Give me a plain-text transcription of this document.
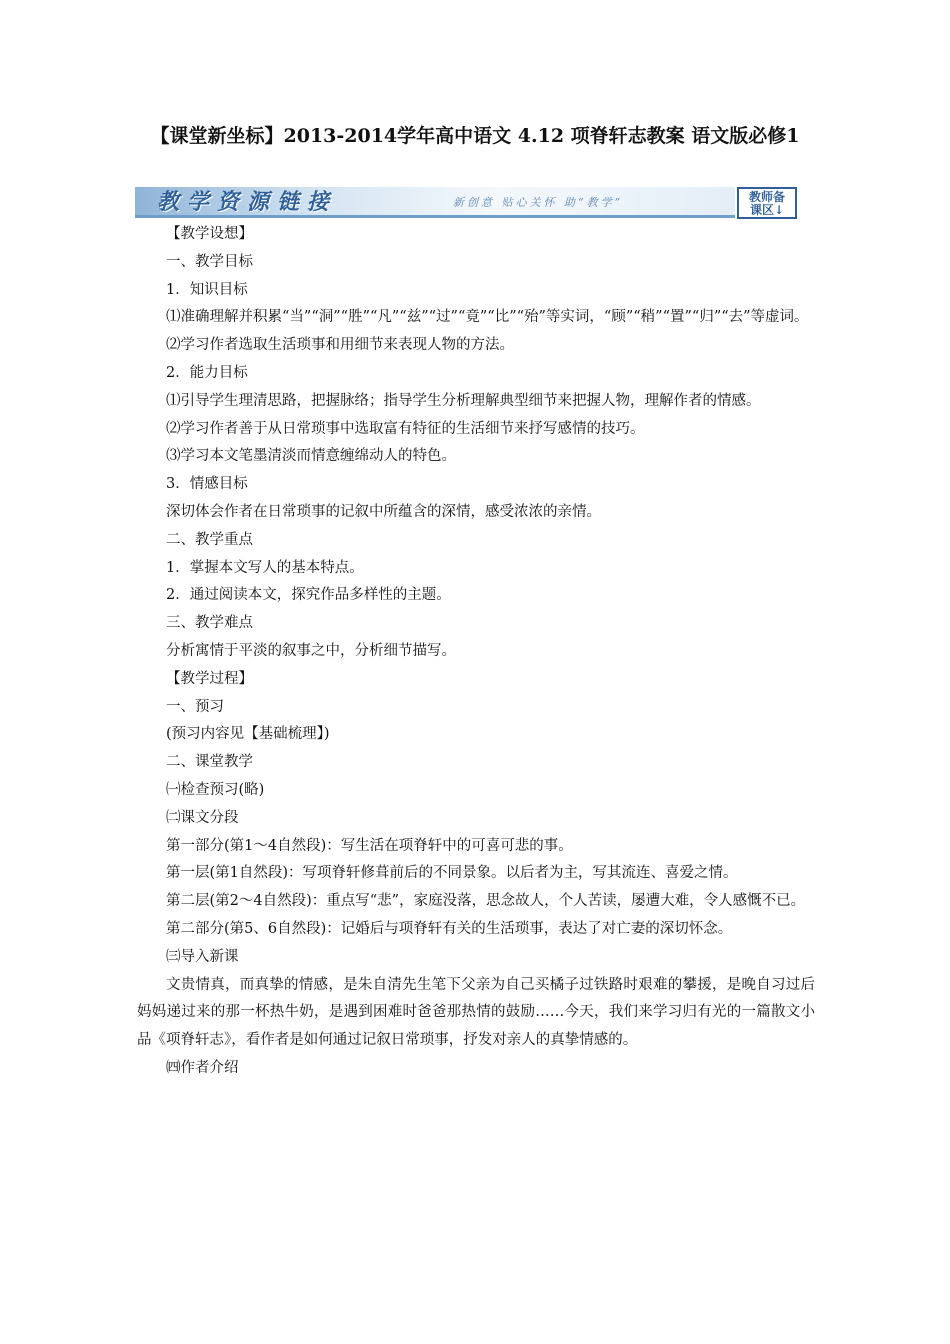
【课堂新坐标】2013-2014学年高中语文 4.12 项脊轩志教案 语文版必修1
教学资源链接	新创意 贴心关怀 助“教学”	教师备
课区↓

【教学设想】

一、教学目标

1．知识目标

⑴准确理解并积累“当”“洞”“胜”“凡”“兹”“过”“竟”“比”“殆”等实词，“顾”“稍”“置”“归”“去”等虚词。

⑵学习作者选取生活琐事和用细节来表现人物的方法。

2．能力目标

⑴引导学生理清思路，把握脉络；指导学生分析理解典型细节来把握人物，理解作者的情感。

⑵学习作者善于从日常琐事中选取富有特征的生活细节来抒写感情的技巧。

⑶学习本文笔墨清淡而情意缠绵动人的特色。

3．情感目标

深切体会作者在日常琐事的记叙中所蕴含的深情，感受浓浓的亲情。

二、教学重点

1．掌握本文写人的基本特点。

2．通过阅读本文，探究作品多样性的主题。

三、教学难点

分析寓情于平淡的叙事之中，分析细节描写。

【教学过程】

一、预习

(预习内容见【基础梳理】)

二、课堂教学

㈠检查预习(略)

㈡课文分段

第一部分(第1～4自然段)：写生活在项脊轩中的可喜可悲的事。

第一层(第1自然段)：写项脊轩修葺前后的不同景象。以后者为主，写其流连、喜爱之情。

第二层(第2～4自然段)：重点写“悲”，家庭没落，思念故人，个人苦读，屡遭大难，令人感慨不已。

第二部分(第5、6自然段)：记婚后与项脊轩有关的生活琐事，表达了对亡妻的深切怀念。

㈢导入新课

文贵情真，而真挚的情感，是朱自清先生笔下父亲为自己买橘子过铁路时艰难的攀援，是晚自习过后妈妈递过来的那一杯热牛奶，是遇到困难时爸爸那热情的鼓励……今天，我们来学习归有光的一篇散文小品《项脊轩志》，看作者是如何通过记叙日常琐事，抒发对亲人的真挚情感的。

㈣作者介绍
